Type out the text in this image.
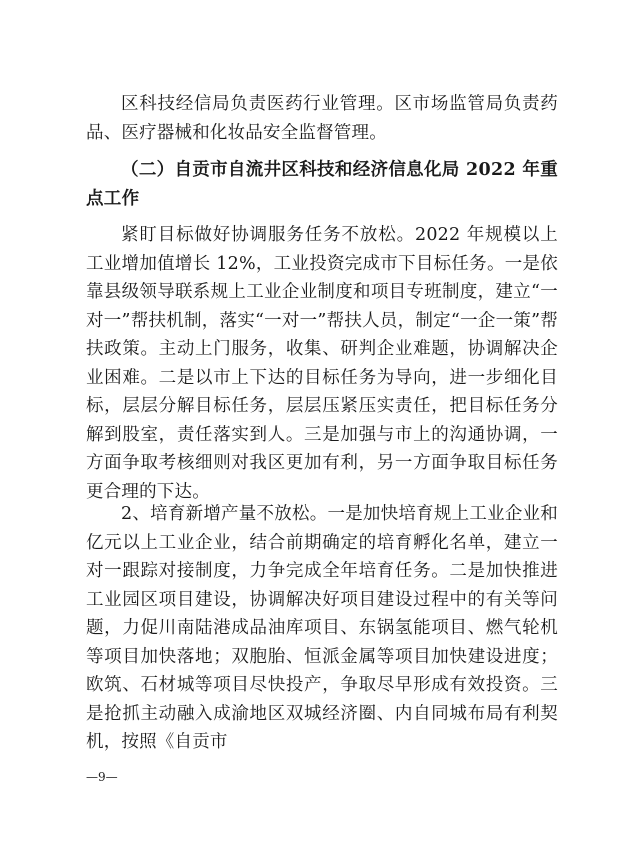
区科技经信局负责医药行业管理。区市场监管局负责药品、医疗器械和化妆品安全监督管理。

（二）自贡市自流井区科技和经济信息化局 2022 年重点工作

紧盯目标做好协调服务任务不放松。2022 年规模以上工业增加值增长 12%，工业投资完成市下目标任务。一是依靠县级领导联系规上工业企业制度和项目专班制度，建立“一对一”帮扶机制，落实“一对一”帮扶人员，制定“一企一策”帮扶政策。主动上门服务，收集、研判企业难题，协调解决企业困难。二是以市上下达的目标任务为导向，进一步细化目标，层层分解目标任务，层层压紧压实责任，把目标任务分解到股室，责任落实到人。三是加强与市上的沟通协调，一方面争取考核细则对我区更加有利，另一方面争取目标任务更合理的下达。

2、培育新增产量不放松。一是加快培育规上工业企业和亿元以上工业企业，结合前期确定的培育孵化名单，建立一对一跟踪对接制度，力争完成全年培育任务。二是加快推进工业园区项目建设，协调解决好项目建设过程中的有关等问题，力促川南陆港成品油库项目、东锅氢能项目、燃气轮机等项目加快落地；双胞胎、恒派金属等项目加快建设进度；欧筑、石材城等项目尽快投产，争取尽早形成有效投资。三是抢抓主动融入成渝地区双城经济圈、内自同城布局有利契机，按照《自贡市

—9—
